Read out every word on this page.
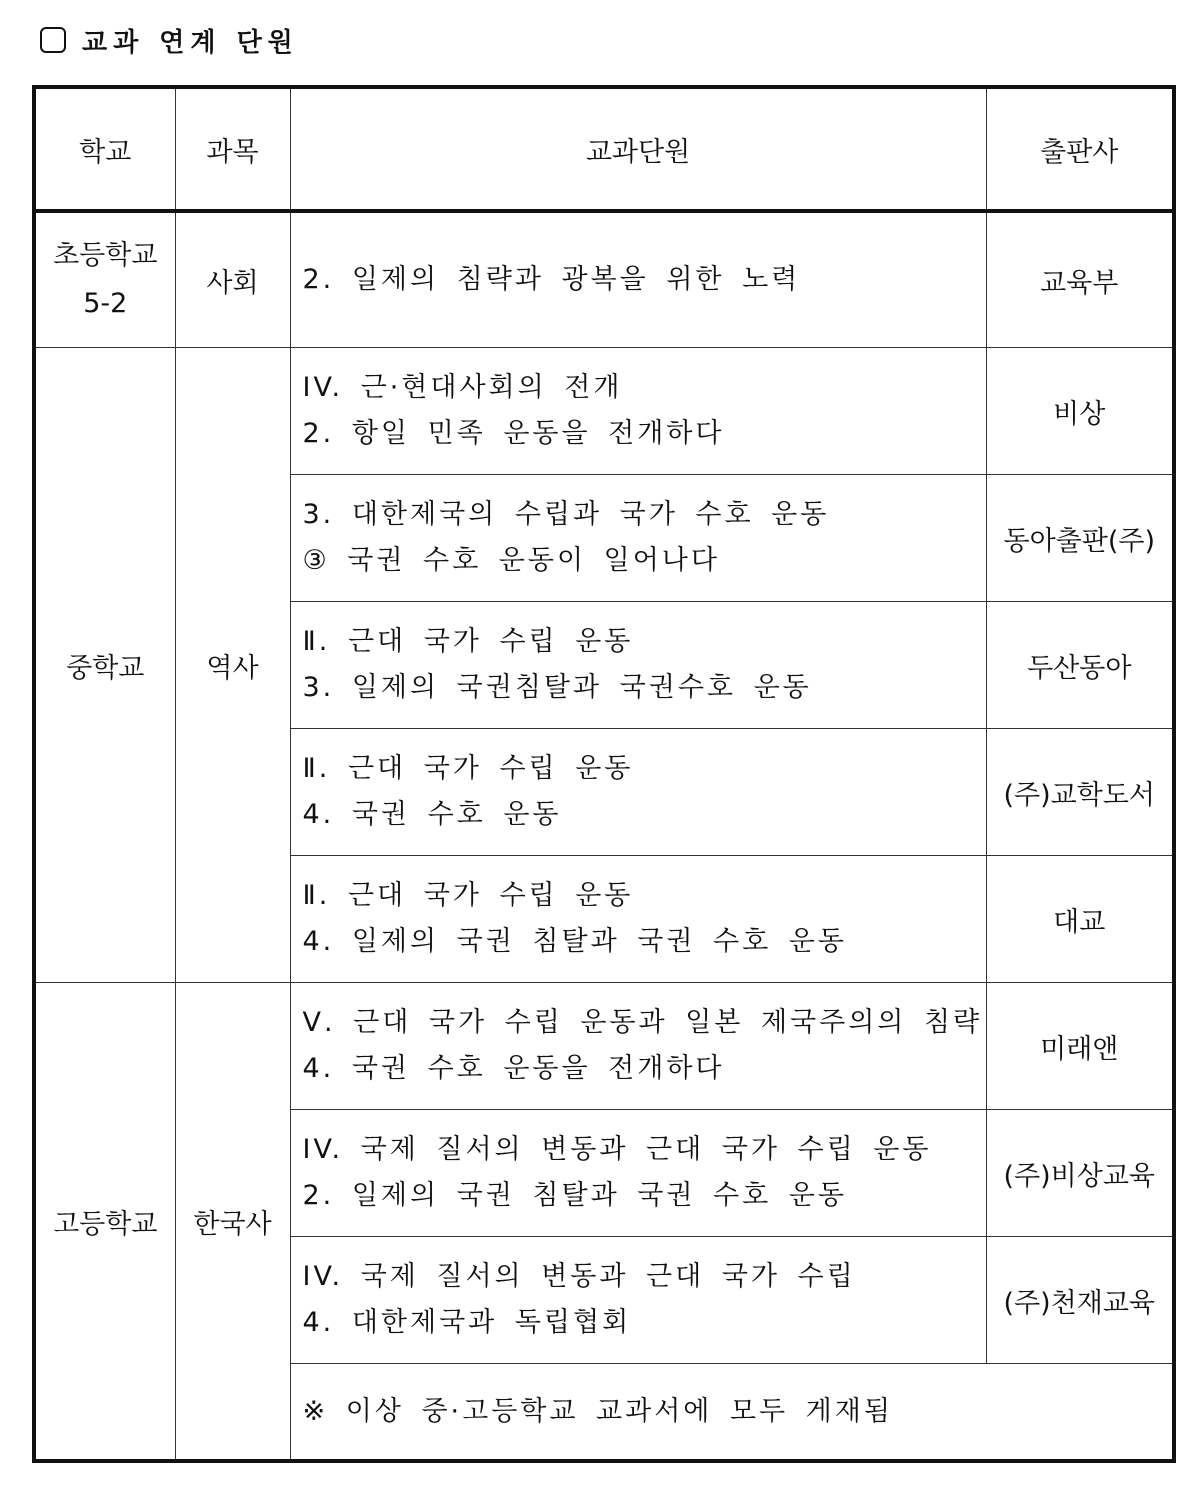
교과 연계 단원
학교	과목	교과단원	출판사

초등학교
5-2	사회	2. 일제의 침략과 광복을 위한 노력	교육부
중학교	역사	IV. 근·현대사회의 전개
2. 항일 민족 운동을 전개하다	비상

		3. 대한제국의 수립과 국가 수호 운동
③ 국권 수호 운동이 일어나다	동아출판(주)

		Ⅱ. 근대 국가 수립 운동
3. 일제의 국권침탈과 국권수호 운동	두산동아

		Ⅱ. 근대 국가 수립 운동
4. 국권 수호 운동	(주)교학도서

		Ⅱ. 근대 국가 수립 운동
4. 일제의 국권 침탈과 국권 수호 운동	대교
고등학교	한국사	Ⅴ. 근대 국가 수립 운동과 일본 제국주의의 침략
4. 국권 수호 운동을 전개하다	미래앤

		IV. 국제 질서의 변동과 근대 국가 수립 운동
2. 일제의 국권 침탈과 국권 수호 운동	(주)비상교육

		IV. 국제 질서의 변동과 근대 국가 수립
4. 대한제국과 독립협회	(주)천재교육
		※ 이상 중·고등학교 교과서에 모두 게재됨	
